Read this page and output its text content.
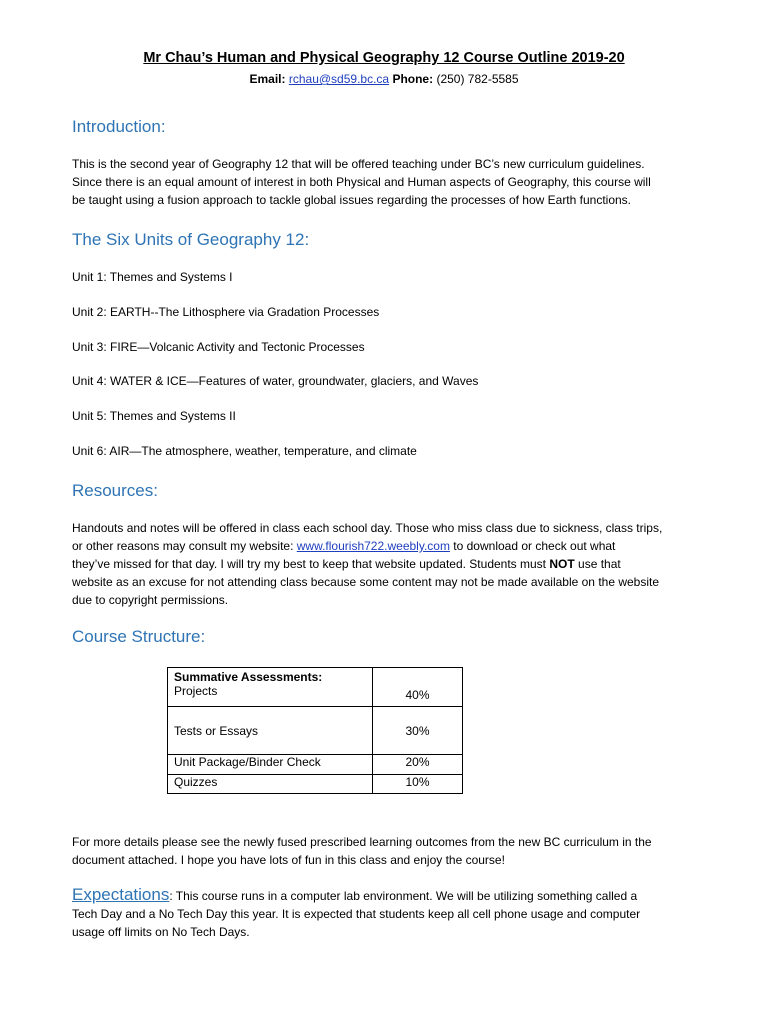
Mr Chau’s Human and Physical Geography 12 Course Outline 2019-20
Email: rchau@sd59.bc.ca Phone: (250) 782-5585
Introduction:
This is the second year of Geography 12 that will be offered teaching under BC’s new curriculum guidelines.
Since there is an equal amount of interest in both Physical and Human aspects of Geography, this course will
be taught using a fusion approach to tackle global issues regarding the processes of how Earth functions.
The Six Units of Geography 12:
Unit 1: Themes and Systems I
Unit 2: EARTH--The Lithosphere via Gradation Processes
Unit 3: FIRE—Volcanic Activity and Tectonic Processes
Unit 4: WATER & ICE—Features of water, groundwater, glaciers, and Waves
Unit 5: Themes and Systems II
Unit 6: AIR—The atmosphere, weather, temperature, and climate
Resources:
Handouts and notes will be offered in class each school day. Those who miss class due to sickness, class trips,
or other reasons may consult my website: www.flourish722.weebly.com to download or check out what
they’ve missed for that day. I will try my best to keep that website updated. Students must NOT use that
website as an excuse for not attending class because some content may not be made available on the website
due to copyright permissions.
Course Structure:
Summative Assessments:
Projects	40%

Tests or Essays	30%
Unit Package/Binder Check	20%
Quizzes	10%
For more details please see the newly fused prescribed learning outcomes from the new BC curriculum in the
document attached. I hope you have lots of fun in this class and enjoy the course!
Expectations: This course runs in a computer lab environment. We will be utilizing something called a
Tech Day and a No Tech Day this year. It is expected that students keep all cell phone usage and computer
usage off limits on No Tech Days.
